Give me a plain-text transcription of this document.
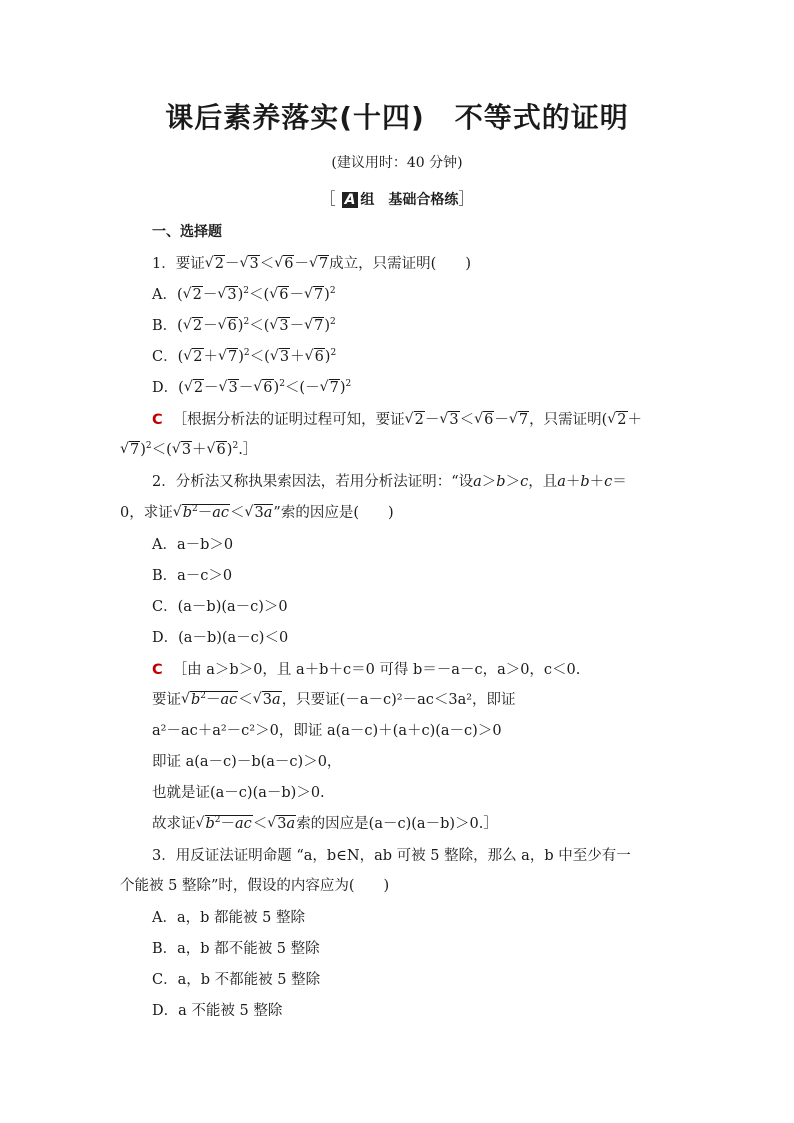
课后素养落实(十四) 不等式的证明
(建议用时：40 分钟)
［ A 组　基础合格练］
一、选择题
1．要证√ 2－√ 3＜√ 6－√ 7成立，只需证明(　　)
A．(√ 2－√ 3)$^2$＜(√ 6－√ 7)$^2$
B．(√ 2－√ 6)$^2$＜(√ 3－√ 7)$^2$
C．(√ 2＋√ 7)$^2$＜(√ 3＋√ 6)$^2$
D．(√ 2－√ 3－√ 6)$^2$＜(－√ 7)$^2$
C ［根据分析法的证明过程可知，要证√ 2－√ 3＜√ 6－√ 7，只需证明(√ 2＋
√ 7)$^2$＜(√ 3＋√ 6)$^2$.］
2．分析法又称执果索因法，若用分析法证明：“设a＞b＞c，且a＋b＋c＝
0，求证√ $b^2-ac<√$ 3a”索的因应是(　　)
A．a－b＞0
B．a－c＞0
C．(a－b)(a－c)＞0
D．(a－b)(a－c)＜0
C ［由 a＞b＞0，且 a＋b＋c＝0 可得 b＝－a－c，a＞0，c＜0.
要证√ $b^2-ac<√$ 3a，只要证(－a－c)²－ac＜3a²，即证
a²－ac＋a²－c²＞0，即证 a(a－c)＋(a＋c)(a－c)＞0
即证 a(a－c)－b(a－c)＞0，
也就是证(a－c)(a－b)＞0.
故求证√ $b^2-ac<√$ 3a索的因应是(a－c)(a－b)＞0.］
3．用反证法证明命题 “a，b∈N，ab 可被 5 整除，那么 a，b 中至少有一
个能被 5 整除”时，假设的内容应为(　　)
A．a，b 都能被 5 整除
B．a，b 都不能被 5 整除
C．a，b 不都能被 5 整除
D．a 不能被 5 整除
